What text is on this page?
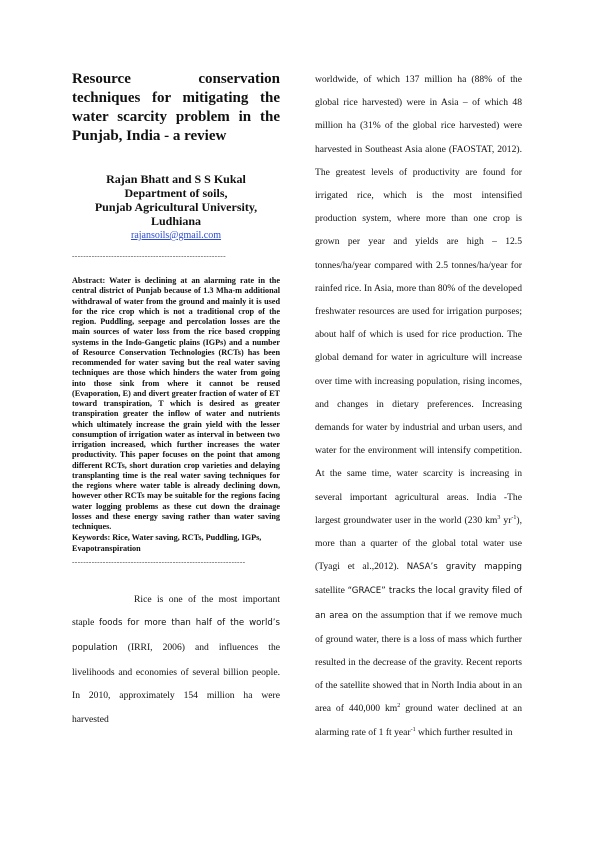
Resource conservation techniques for mitigating the water scarcity problem in the Punjab, India - a review
Rajan Bhatt and S S Kukal
Department of soils,
Punjab Agricultural University,
Ludhiana
rajansoils@gmail.com
-------------------------------------------------------
Abstract: Water is declining at an alarming rate in the central district of Punjab because of 1.3 Mha-m additional withdrawal of water from the ground and mainly it is used for the rice crop which is not a traditional crop of the region. Puddling, seepage and percolation losses are the main sources of water loss from the rice based cropping systems in the Indo-Gangetic plains (IGPs) and a number of Resource Conservation Technologies (RCTs) has been recommended for water saving but the real water saving techniques are those which hinders the water from going into those sink from where it cannot be reused (Evaporation, E) and divert greater fraction of water of ET toward transpiration, T which is desired as greater transpiration greater the inflow of water and nutrients which ultimately increase the grain yield with the lesser consumption of irrigation water as interval in between two irrigation increased, which further increases the water productivity. This paper focuses on the point that among different RCTs, short duration crop varieties and delaying transplanting time is the real water saving techniques for the regions where water table is already declining down, however other RCTs may be suitable for the regions facing water logging problems as these cut down the drainage losses and these energy saving rather than water saving techniques.
Keywords: Rice, Water saving, RCTs, Puddling, IGPs, Evapotranspiration
--------------------------------------------------------------
Rice is one of the most important staple foods for more than half of the world’s population (IRRI, 2006) and influences the livelihoods and economies of several billion people. In 2010, approximately 154 million ha were harvested

worldwide, of which 137 million ha (88% of the global rice harvested) were in Asia – of which 48 million ha (31% of the global rice harvested) were harvested in Southeast Asia alone (FAOSTAT, 2012). The greatest levels of productivity are found for irrigated rice, which is the most intensified production system, where more than one crop is grown per year and yields are high – 12.5 tonnes/ha/year compared with 2.5 tonnes/ha/year for rainfed rice. In Asia, more than 80% of the developed freshwater resources are used for irrigation purposes; about half of which is used for rice production. The global demand for water in agriculture will increase over time with increasing population, rising incomes, and changes in dietary preferences. Increasing demands for water by industrial and urban users, and water for the environment will intensify competition. At the same time, water scarcity is increasing in several important agricultural areas. India -The largest groundwater user in the world (230 $km^3$ $yr^{-1}$), more than a quarter of the global total water use (Tyagi et al.,2012). NASA’s gravity mapping satellite “GRACE” tracks the local gravity filed of an area on the assumption that if we remove much of ground water, there is a loss of mass which further resulted in the decrease of the gravity. Recent reports of the satellite showed that in North India about in an area of 440,000 $km^2$ ground water declined at an alarming rate of 1 ft year$^{-1}$ which further resulted in
